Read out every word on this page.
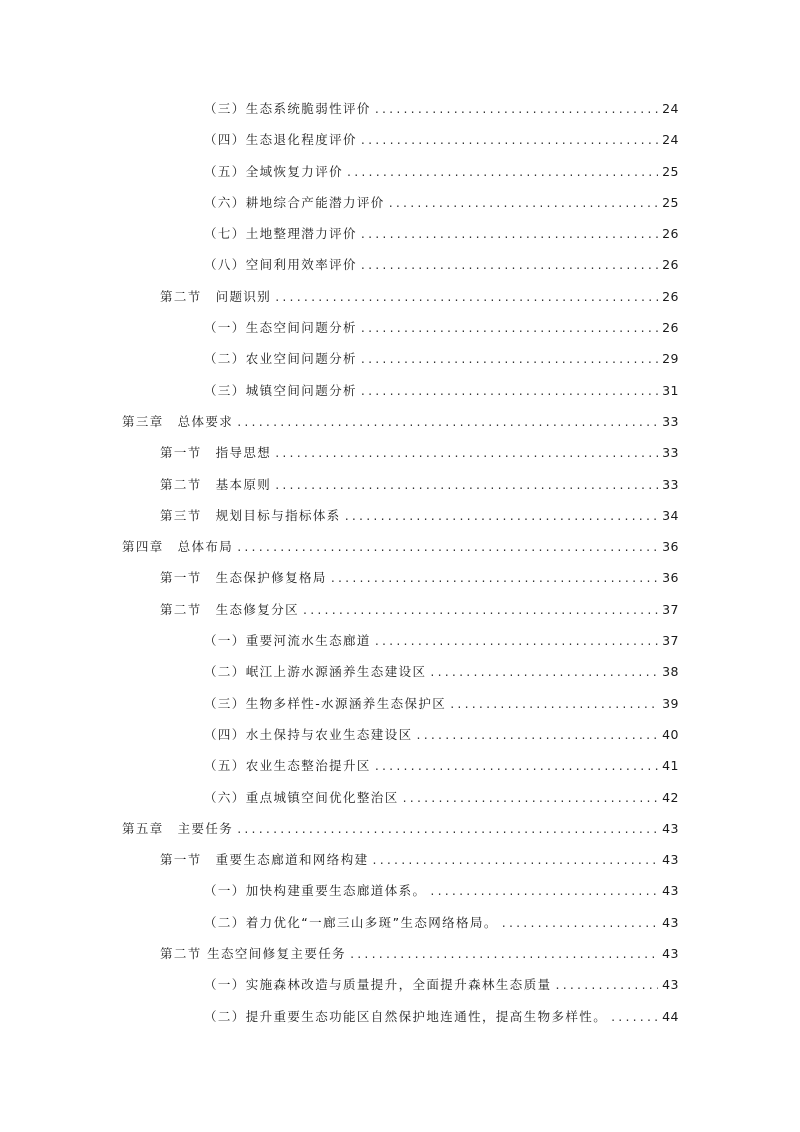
（三）生态系统脆弱性评价 .....	24
（四）生态退化程度评价 .....	24
（五）全域恢复力评价 .....	25
（六）耕地综合产能潜力评价 .....	25
（七）土地整理潜力评价 .....	26
（八）空间利用效率评价 .....	26
第二节　问题识别 .....	26
（一）生态空间问题分析 .....	26
（二）农业空间问题分析 .....	29
（三）城镇空间问题分析 .....	31
第三章　总体要求 .....	33
第一节　指导思想 .....	33
第二节　基本原则 .....	33
第三节　规划目标与指标体系 .....	34
第四章　总体布局 .....	36
第一节　生态保护修复格局 .....	36
第二节　生态修复分区 .....	37
（一）重要河流水生态廊道 .....	37
（二）岷江上游水源涵养生态建设区 .....	38
（三）生物多样性-水源涵养生态保护区 .....	39
（四）水土保持与农业生态建设区 .....	40
（五）农业生态整治提升区 .....	41
（六）重点城镇空间优化整治区 .....	42
第五章　主要任务 .....	43
第一节　重要生态廊道和网络构建 .....	43
（一）加快构建重要生态廊道体系。 .....	43
（二）着力优化“一廊三山多斑”生态网络格局。 .....	43
第二节 生态空间修复主要任务 .....	43
（一）实施森林改造与质量提升，全面提升森林生态质量 .....	43
（二）提升重要生态功能区自然保护地连通性，提高生物多样性。 .....	44
